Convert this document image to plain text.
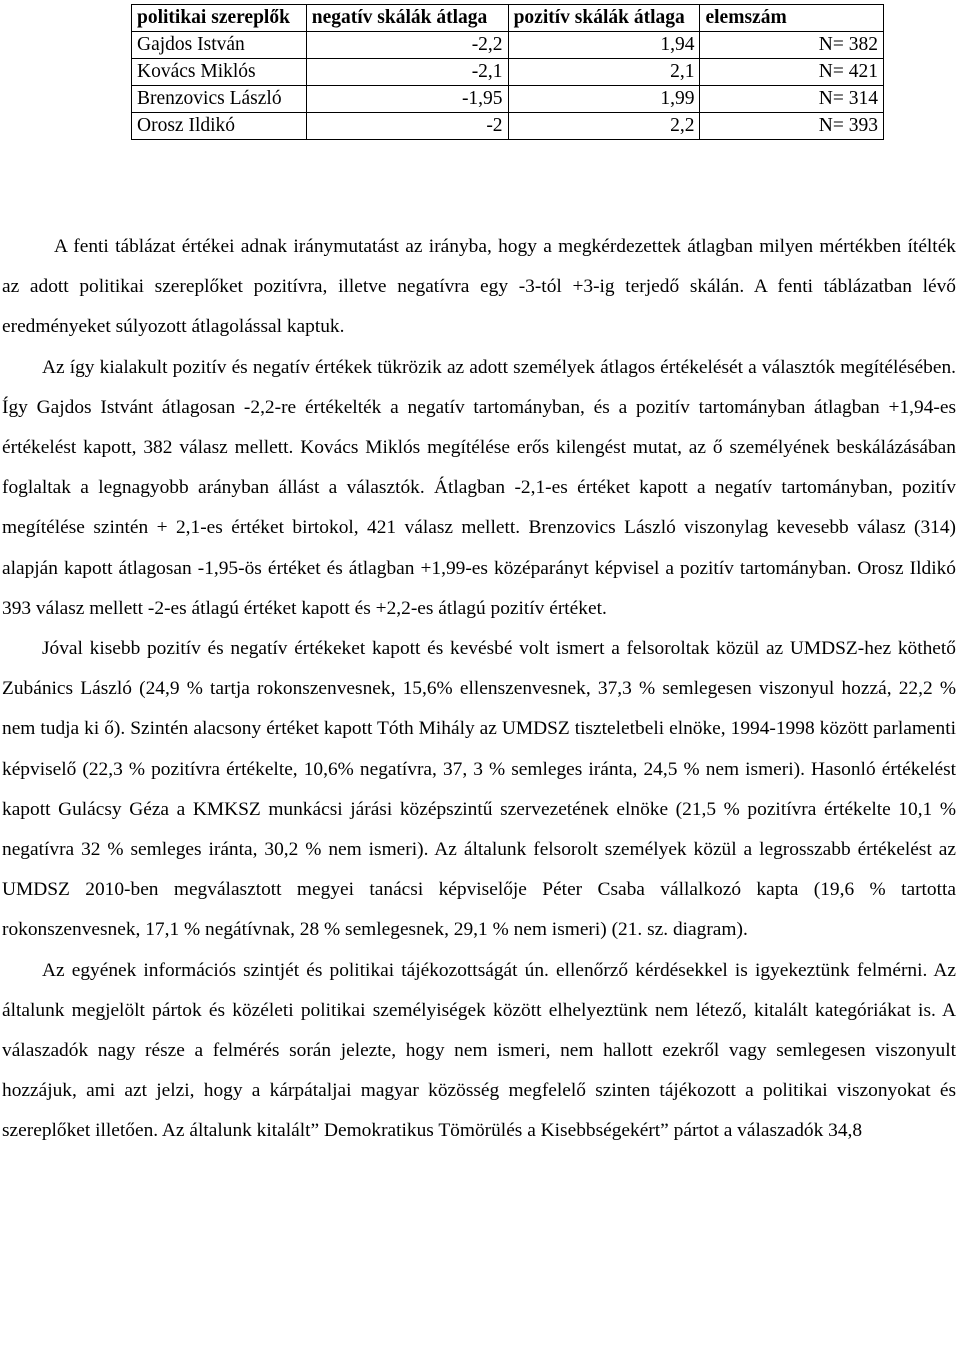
politikai szereplők	negatív skálák átlaga	pozitív skálák átlaga	elemszám
Gajdos István	-2,2	1,94	N= 382
Kovács Miklós	-2,1	2,1	N= 421
Brenzovics László	-1,95	1,99	N= 314
Orosz Ildikó	-2	2,2	N= 393

A fenti táblázat értékei adnak iránymutatást az irányba, hogy a megkérdezettek átlagban milyen mértékben ítélték az adott politikai szereplőket pozitívra, illetve negatívra egy -3-tól +3-ig terjedő skálán. A fenti táblázatban lévő eredményeket súlyozott átlagolással kaptuk.

Az így kialakult pozitív és negatív értékek tükrözik az adott személyek átlagos értékelését a választók megítélésében. Így Gajdos Istvánt átlagosan -2,2-re értékelték a negatív tartományban, és a pozitív tartományban átlagban +1,94-es értékelést kapott, 382 válasz mellett. Kovács Miklós megítélése erős kilengést mutat, az ő személyének beskálázásában foglaltak a legnagyobb arányban állást a választók. Átlagban -2,1-es értéket kapott a negatív tartományban, pozitív megítélése szintén + 2,1-es értéket birtokol, 421 válasz mellett. Brenzovics László viszonylag kevesebb válasz (314) alapján kapott átlagosan -1,95-ös értéket és átlagban +1,99-es középarányt képvisel a pozitív tartományban. Orosz Ildikó 393 válasz mellett -2-es átlagú értéket kapott és +2,2-es átlagú pozitív értéket.

Jóval kisebb pozitív és negatív értékeket kapott és kevésbé volt ismert a felsoroltak közül az UMDSZ-hez köthető Zubánics László (24,9 % tartja rokonszenvesnek, 15,6% ellenszenvesnek, 37,3 % semlegesen viszonyul hozzá, 22,2 % nem tudja ki ő). Szintén alacsony értéket kapott Tóth Mihály az UMDSZ tiszteletbeli elnöke, 1994-1998 között parlamenti képviselő (22,3 % pozitívra értékelte, 10,6% negatívra, 37, 3 % semleges iránta, 24,5 % nem ismeri). Hasonló értékelést kapott Gulácsy Géza a KMKSZ munkácsi járási középszintű szervezetének elnöke (21,5 % pozitívra értékelte 10,1 % negatívra 32 % semleges iránta, 30,2 % nem ismeri). Az általunk felsorolt személyek közül a legrosszabb értékelést az UMDSZ 2010-ben megválasztott megyei tanácsi képviselője Péter Csaba vállalkozó kapta (19,6 % tartotta rokonszenvesnek, 17,1 % negátívnak, 28 % semlegesnek, 29,1 % nem ismeri) (21. sz. diagram).

Az egyének információs szintjét és politikai tájékozottságát ún. ellenőrző kérdésekkel is igyekeztünk felmérni. Az általunk megjelölt pártok és közéleti politikai személyiségek között elhelyeztünk nem létező, kitalált kategóriákat is. A válaszadók nagy része a felmérés során jelezte, hogy nem ismeri, nem hallott ezekről vagy semlegesen viszonyult hozzájuk, ami azt jelzi, hogy a kárpátaljai magyar közösség megfelelő szinten tájékozott a politikai viszonyokat és szereplőket illetően. Az általunk kitalált” Demokratikus Tömörülés a Kisebbségekért” pártot a válaszadók 34,8
